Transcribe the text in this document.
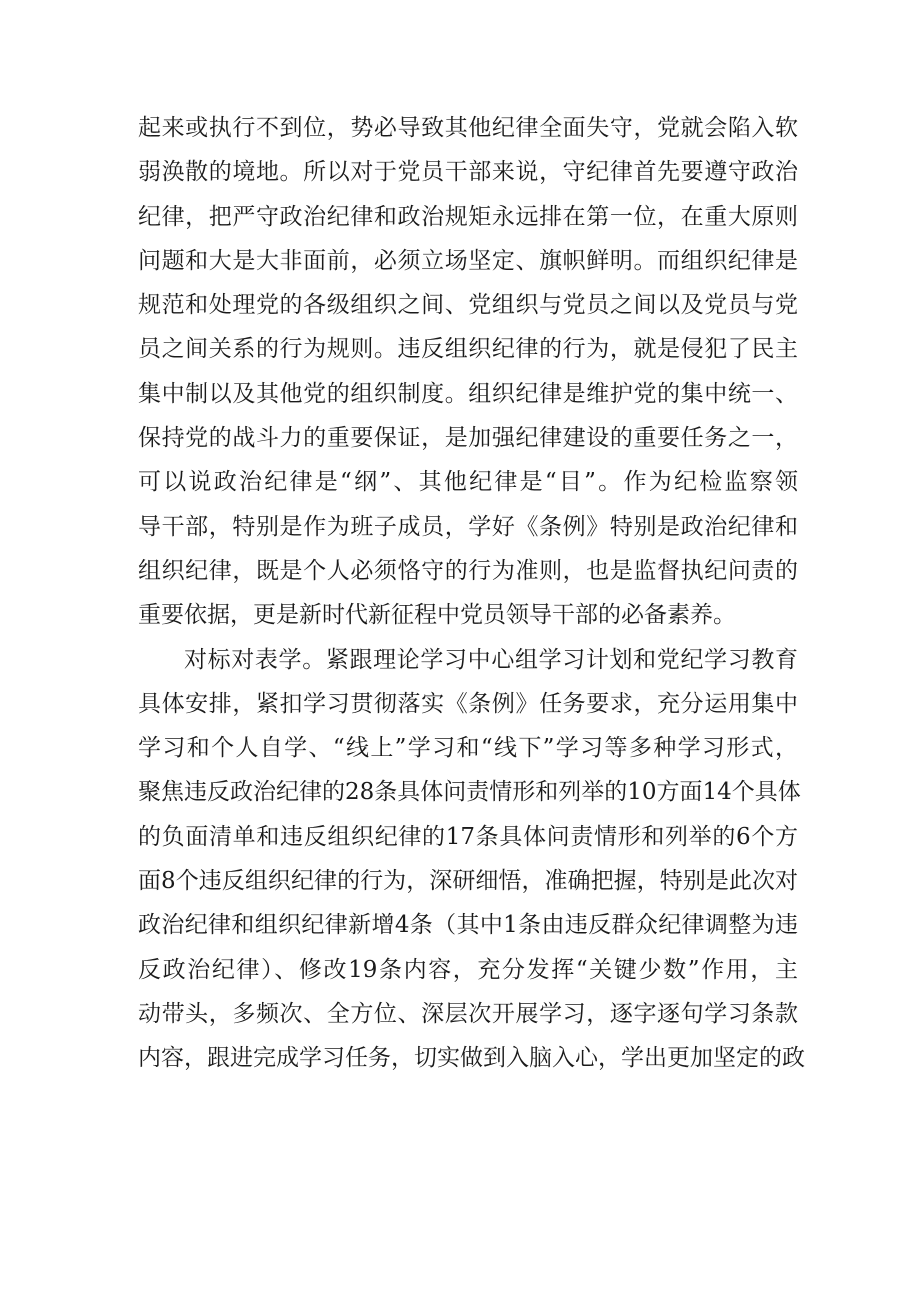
起来或执行不到位，势必导致其他纪律全面失守，党就会陷入软
弱涣散的境地。所以对于党员干部来说，守纪律首先要遵守政治
纪律，把严守政治纪律和政治规矩永远排在第一位，在重大原则
问题和大是大非面前，必须立场坚定、旗帜鲜明。而组织纪律是
规范和处理党的各级组织之间、党组织与党员之间以及党员与党
员之间关系的行为规则。违反组织纪律的行为，就是侵犯了民主
集中制以及其他党的组织制度。组织纪律是维护党的集中统一、
保持党的战斗力的重要保证，是加强纪律建设的重要任务之一，
可以说政治纪律是“纲”、其他纪律是“目”。作为纪检监察领
导干部，特别是作为班子成员，学好《条例》特别是政治纪律和
组织纪律，既是个人必须恪守的行为准则，也是监督执纪问责的
重要依据，更是新时代新征程中党员领导干部的必备素养。
对标对表学。紧跟理论学习中心组学习计划和党纪学习教育
具体安排，紧扣学习贯彻落实《条例》任务要求，充分运用集中
学习和个人自学、“线上”学习和“线下”学习等多种学习形式，
聚焦违反政治纪律的28条具体问责情形和列举的10方面14个具体
的负面清单和违反组织纪律的17条具体问责情形和列举的6个方
面8个违反组织纪律的行为，深研细悟，准确把握，特别是此次对
政治纪律和组织纪律新增4条（其中1条由违反群众纪律调整为违
反政治纪律）、修改19条内容，充分发挥“关键少数”作用，主
动带头，多频次、全方位、深层次开展学习，逐字逐句学习条款
内容，跟进完成学习任务，切实做到入脑入心，学出更加坚定的政
